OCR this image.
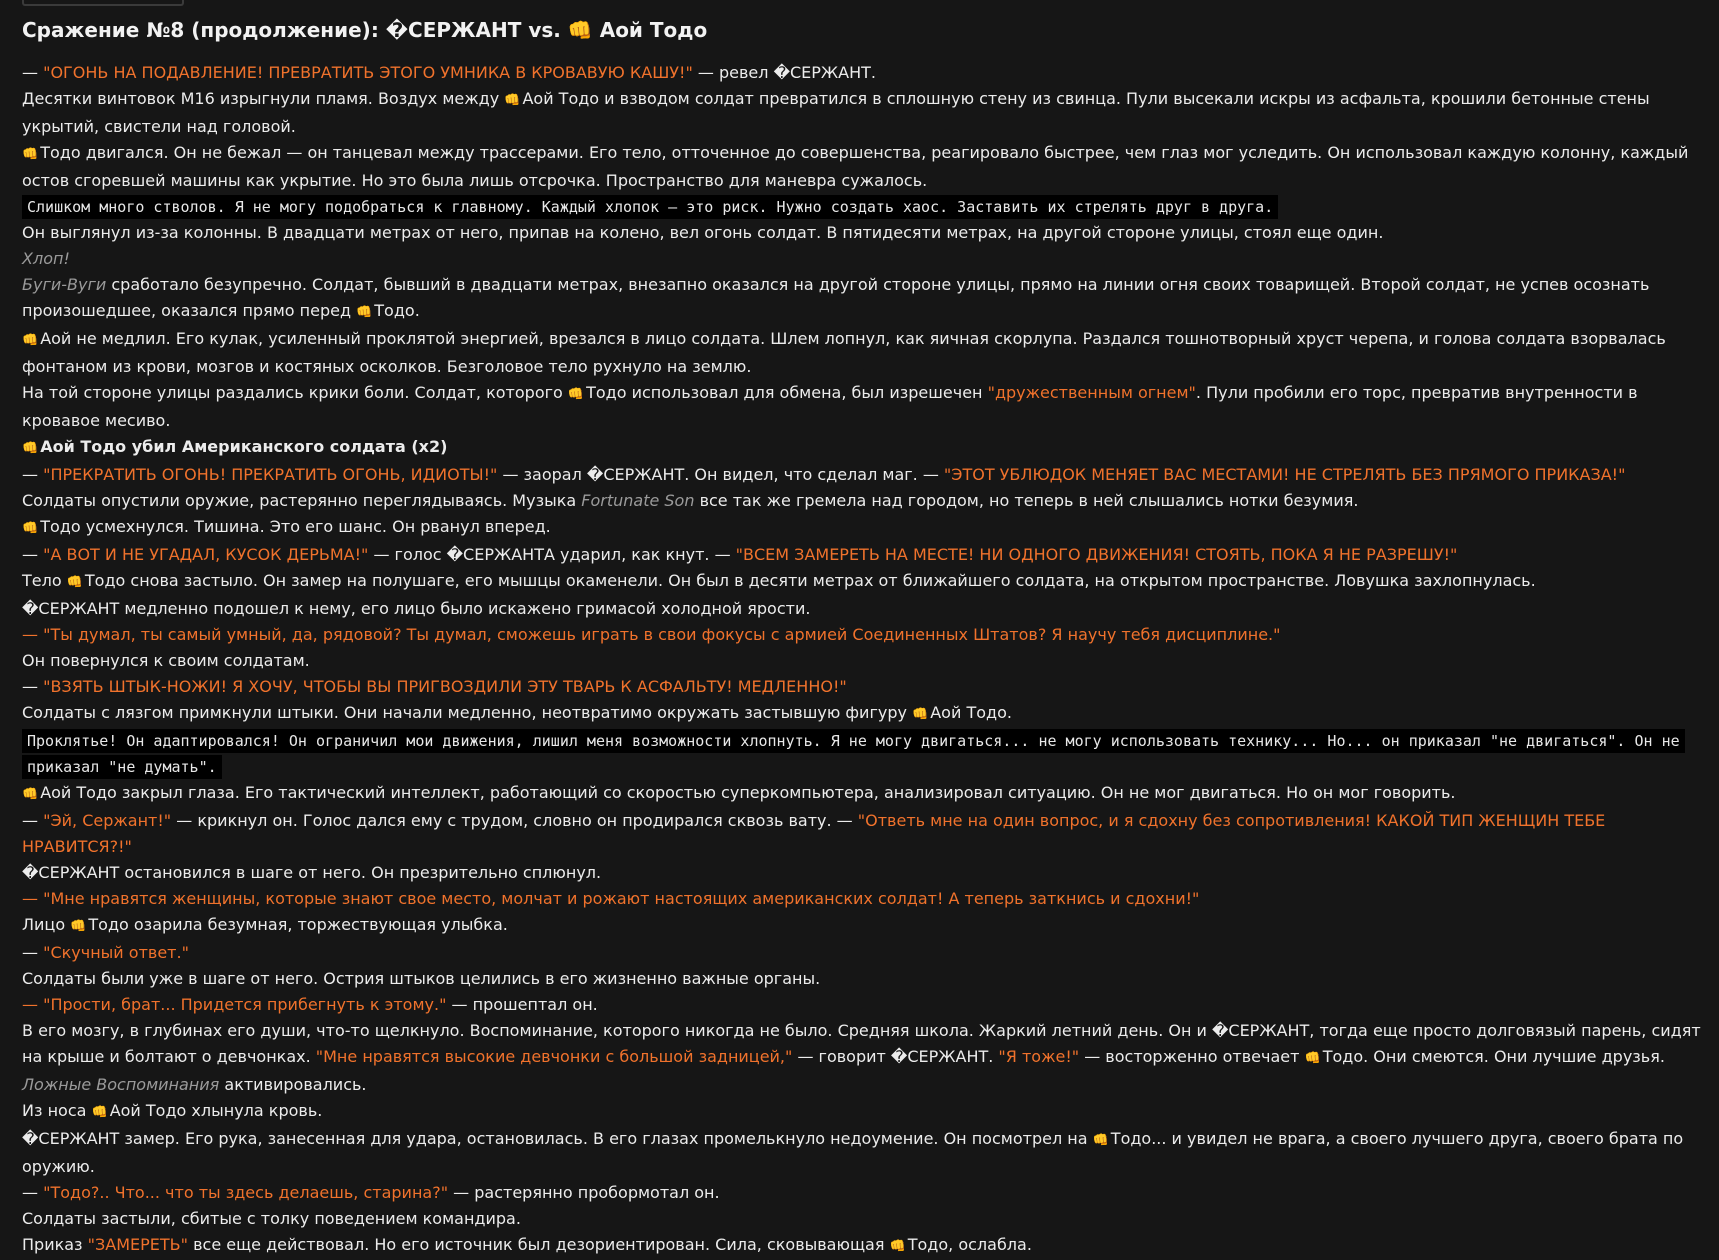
Сражение №8 (продолжение): �СЕРЖАНТ vs. 👊 Аой Тодо

— "ОГОНЬ НА ПОДАВЛЕНИЕ! ПРЕВРАТИТЬ ЭТОГО УМНИКА В КРОВАВУЮ КАШУ!" — ревел �СЕРЖАНТ.

Десятки винтовок М16 изрыгнули пламя. Воздух между 👊 Аой Тодо и взводом солдат превратился в сплошную стену из свинца. Пули высекали искры из асфальта, крошили бетонные стены укрытий, свистели над головой.

👊 Тодо двигался. Он не бежал — он танцевал между трассерами. Его тело, отточенное до совершенства, реагировало быстрее, чем глаз мог уследить. Он использовал каждую колонну, каждый остов сгоревшей машины как укрытие. Но это была лишь отсрочка. Пространство для маневра сужалось.

Слишком много стволов. Я не могу подобраться к главному. Каждый хлопок — это риск. Нужно создать хаос. Заставить их стрелять друг в друга.

Он выглянул из-за колонны. В двадцати метрах от него, припав на колено, вел огонь солдат. В пятидесяти метрах, на другой стороне улицы, стоял еще один.

Хлоп!

Буги-Вуги сработало безупречно. Солдат, бывший в двадцати метрах, внезапно оказался на другой стороне улицы, прямо на линии огня своих товарищей. Второй солдат, не успев осознать произошедшее, оказался прямо перед 👊 Тодо.

👊 Аой не медлил. Его кулак, усиленный проклятой энергией, врезался в лицо солдата. Шлем лопнул, как яичная скорлупа. Раздался тошнотворный хруст черепа, и голова солдата взорвалась фонтаном из крови, мозгов и костяных осколков. Безголовое тело рухнуло на землю.

На той стороне улицы раздались крики боли. Солдат, которого 👊 Тодо использовал для обмена, был изрешечен "дружественным огнем". Пули пробили его торс, превратив внутренности в кровавое месиво.

👊 Аой Тодо убил Американского солдата (x2)

— "ПРЕКРАТИТЬ ОГОНЬ! ПРЕКРАТИТЬ ОГОНЬ, ИДИОТЫ!" — заорал �СЕРЖАНТ. Он видел, что сделал маг. — "ЭТОТ УБЛЮДОК МЕНЯЕТ ВАС МЕСТАМИ! НЕ СТРЕЛЯТЬ БЕЗ ПРЯМОГО ПРИКАЗА!"

Солдаты опустили оружие, растерянно переглядываясь. Музыка Fortunate Son все так же гремела над городом, но теперь в ней слышались нотки безумия.

👊 Тодо усмехнулся. Тишина. Это его шанс. Он рванул вперед.

— "А ВОТ И НЕ УГАДАЛ, КУСОК ДЕРЬМА!" — голос �СЕРЖАНТА ударил, как кнут. — "ВСЕМ ЗАМЕРЕТЬ НА МЕСТЕ! НИ ОДНОГО ДВИЖЕНИЯ! СТОЯТЬ, ПОКА Я НЕ РАЗРЕШУ!"

Тело 👊 Тодо снова застыло. Он замер на полушаге, его мышцы окаменели. Он был в десяти метрах от ближайшего солдата, на открытом пространстве. Ловушка захлопнулась.

�СЕРЖАНТ медленно подошел к нему, его лицо было искажено гримасой холодной ярости.

— "Ты думал, ты самый умный, да, рядовой? Ты думал, сможешь играть в свои фокусы с армией Соединенных Штатов? Я научу тебя дисциплине."

Он повернулся к своим солдатам.

— "ВЗЯТЬ ШТЫК-НОЖИ! Я ХОЧУ, ЧТОБЫ ВЫ ПРИГВОЗДИЛИ ЭТУ ТВАРЬ К АСФАЛЬТУ! МЕДЛЕННО!"

Солдаты с лязгом примкнули штыки. Они начали медленно, неотвратимо окружать застывшую фигуру 👊 Аой Тодо.

Проклятье! Он адаптировался! Он ограничил мои движения, лишил меня возможности хлопнуть. Я не могу двигаться... не могу использовать технику... Но... он приказал "не двигаться". Он не приказал "не думать".

👊 Аой Тодо закрыл глаза. Его тактический интеллект, работающий со скоростью суперкомпьютера, анализировал ситуацию. Он не мог двигаться. Но он мог говорить.

— "Эй, Сержант!" — крикнул он. Голос дался ему с трудом, словно он продирался сквозь вату. — "Ответь мне на один вопрос, и я сдохну без сопротивления! КАКОЙ ТИП ЖЕНЩИН ТЕБЕ НРАВИТСЯ?!"

�СЕРЖАНТ остановился в шаге от него. Он презрительно сплюнул.

— "Мне нравятся женщины, которые знают свое место, молчат и рожают настоящих американских солдат! А теперь заткнись и сдохни!"

Лицо 👊 Тодо озарила безумная, торжествующая улыбка.

— "Скучный ответ."

Солдаты были уже в шаге от него. Острия штыков целились в его жизненно важные органы.

— "Прости, брат... Придется прибегнуть к этому." — прошептал он.

В его мозгу, в глубинах его души, что-то щелкнуло. Воспоминание, которого никогда не было. Средняя школа. Жаркий летний день. Он и �СЕРЖАНТ, тогда еще просто долговязый парень, сидят на крыше и болтают о девчонках. "Мне нравятся высокие девчонки с большой задницей," — говорит �СЕРЖАНТ. "Я тоже!" — восторженно отвечает 👊 Тодо. Они смеются. Они лучшие друзья.

Ложные Воспоминания активировались.

Из носа 👊 Аой Тодо хлынула кровь.

�СЕРЖАНТ замер. Его рука, занесенная для удара, остановилась. В его глазах промелькнуло недоумение. Он посмотрел на 👊 Тодо... и увидел не врага, а своего лучшего друга, своего брата по оружию.

— "Тодо?.. Что... что ты здесь делаешь, старина?" — растерянно пробормотал он.

Солдаты застыли, сбитые с толку поведением командира.

Приказ "ЗАМЕРЕТЬ" все еще действовал. Но его источник был дезориентирован. Сила, сковывающая 👊 Тодо, ослабла.
